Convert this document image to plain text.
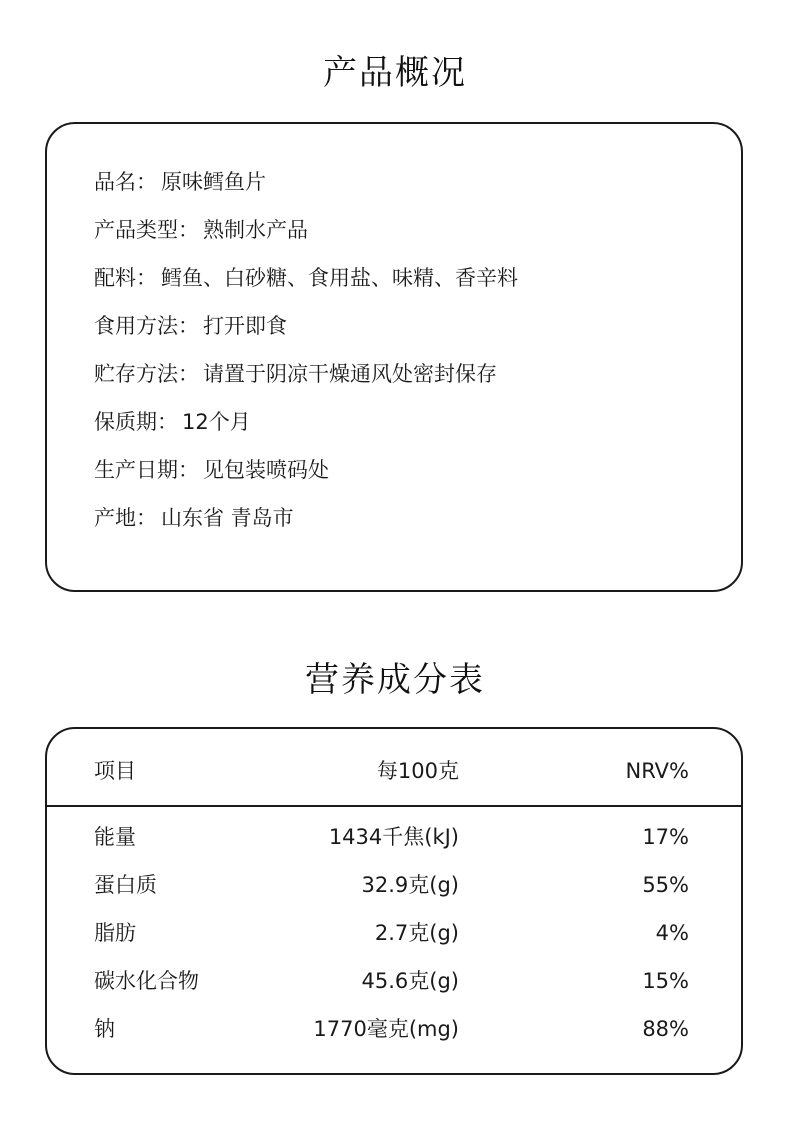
产品概况
品名： 原味鳕鱼片
产品类型： 熟制水产品
配料： 鳕鱼、白砂糖、食用盐、味精、香辛料
食用方法： 打开即食
贮存方法： 请置于阴凉干燥通风处密封保存
保质期： 12个月
生产日期： 见包装喷码处
产地： 山东省 青岛市
营养成分表
项目	每100克	NRV%
能量	1434千焦(kJ)	17%
蛋白质	32.9克(g)	55%
脂肪	2.7克(g)	4%
碳水化合物	45.6克(g)	15%
钠	1770毫克(mg)	88%
